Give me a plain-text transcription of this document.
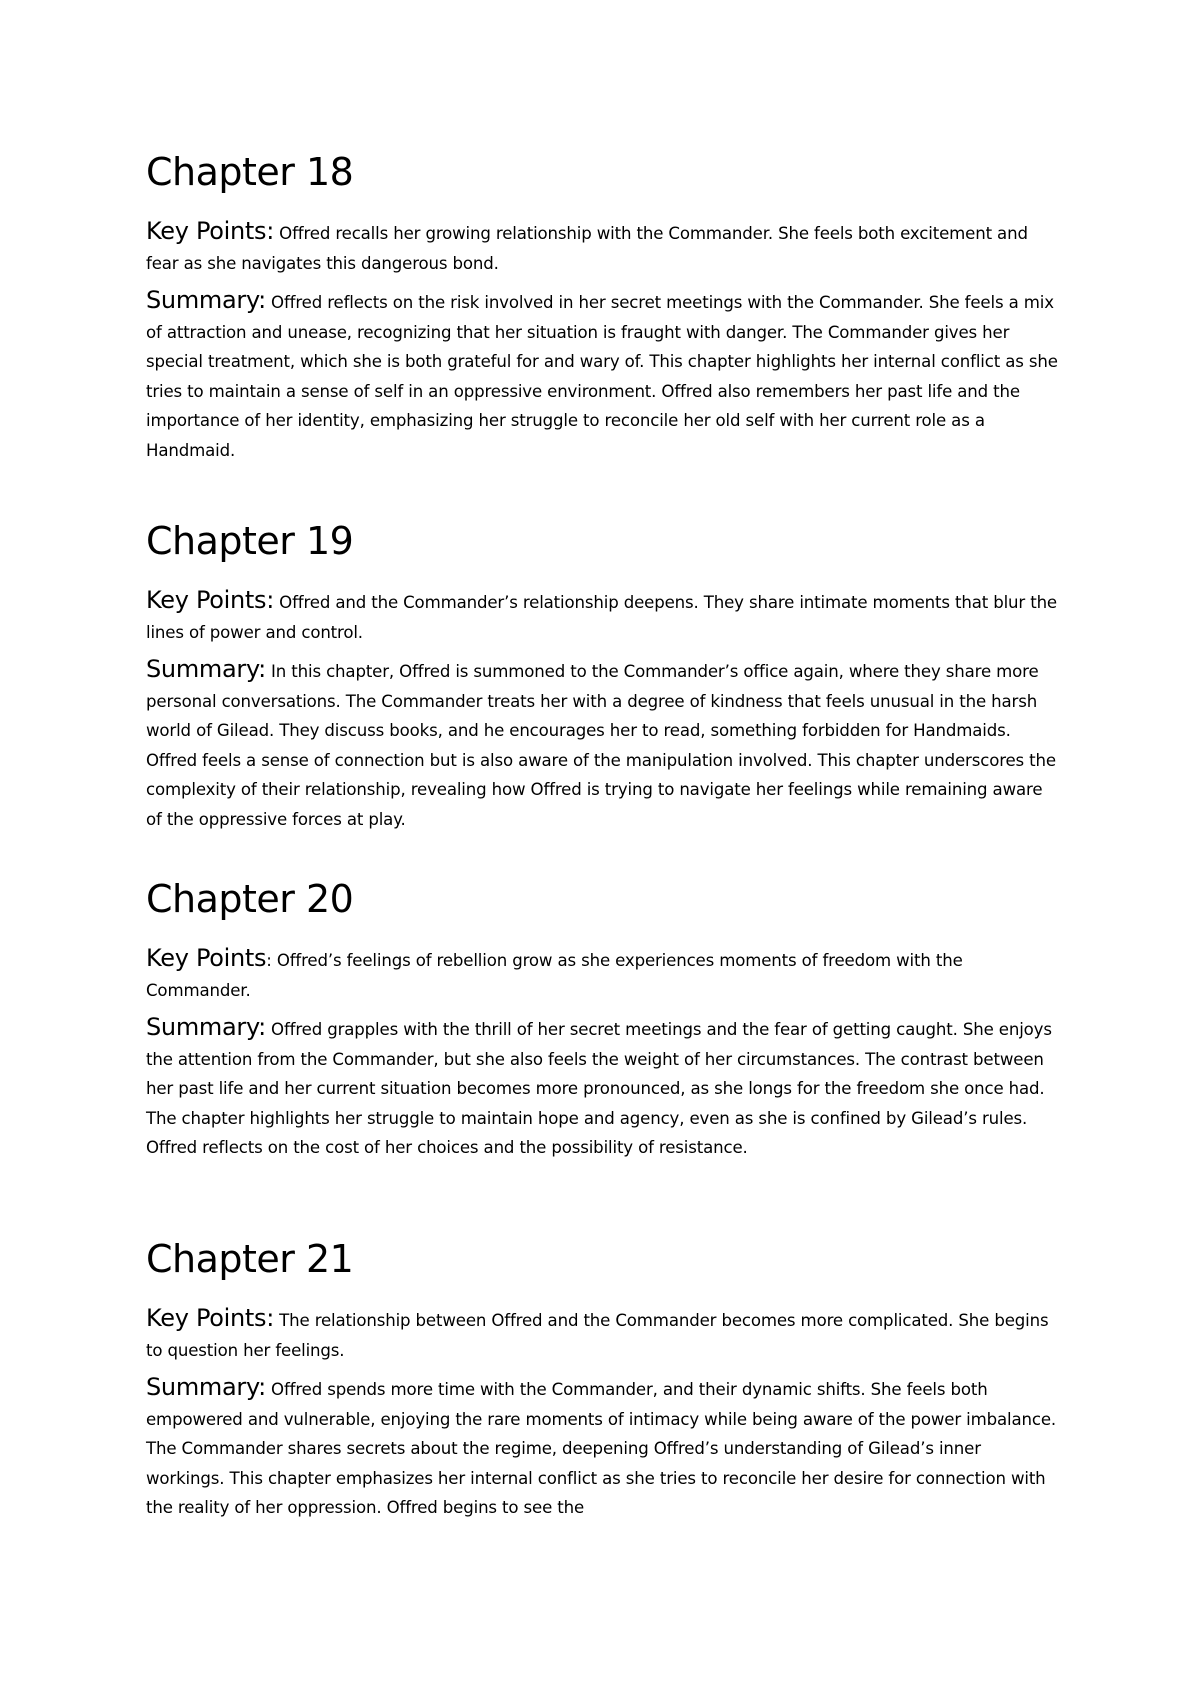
Chapter 18

Key Points: Offred recalls her growing relationship with the Commander. She feels both excitement and fear as she navigates this dangerous bond.

Summary: Offred reflects on the risk involved in her secret meetings with the Commander. She feels a mix of attraction and unease, recognizing that her situation is fraught with danger. The Commander gives her special treatment, which she is both grateful for and wary of. This chapter highlights her internal conflict as she tries to maintain a sense of self in an oppressive environment. Offred also remembers her past life and the importance of her identity, emphasizing her struggle to reconcile her old self with her current role as a Handmaid.

Chapter 19

Key Points: Offred and the Commander’s relationship deepens. They share intimate moments that blur the lines of power and control.

Summary: In this chapter, Offred is summoned to the Commander’s office again, where they share more personal conversations. The Commander treats her with a degree of kindness that feels unusual in the harsh world of Gilead. They discuss books, and he encourages her to read, something forbidden for Handmaids. Offred feels a sense of connection but is also aware of the manipulation involved. This chapter underscores the complexity of their relationship, revealing how Offred is trying to navigate her feelings while remaining aware of the oppressive forces at play.

Chapter 20

Key Points: Offred’s feelings of rebellion grow as she experiences moments of freedom with the Commander.

Summary: Offred grapples with the thrill of her secret meetings and the fear of getting caught. She enjoys the attention from the Commander, but she also feels the weight of her circumstances. The contrast between her past life and her current situation becomes more pronounced, as she longs for the freedom she once had. The chapter highlights her struggle to maintain hope and agency, even as she is confined by Gilead’s rules. Offred reflects on the cost of her choices and the possibility of resistance.

Chapter 21

Key Points: The relationship between Offred and the Commander becomes more complicated. She begins to question her feelings.

Summary: Offred spends more time with the Commander, and their dynamic shifts. She feels both empowered and vulnerable, enjoying the rare moments of intimacy while being aware of the power imbalance. The Commander shares secrets about the regime, deepening Offred’s understanding of Gilead’s inner workings. This chapter emphasizes her internal conflict as she tries to reconcile her desire for connection with the reality of her oppression. Offred begins to see the
